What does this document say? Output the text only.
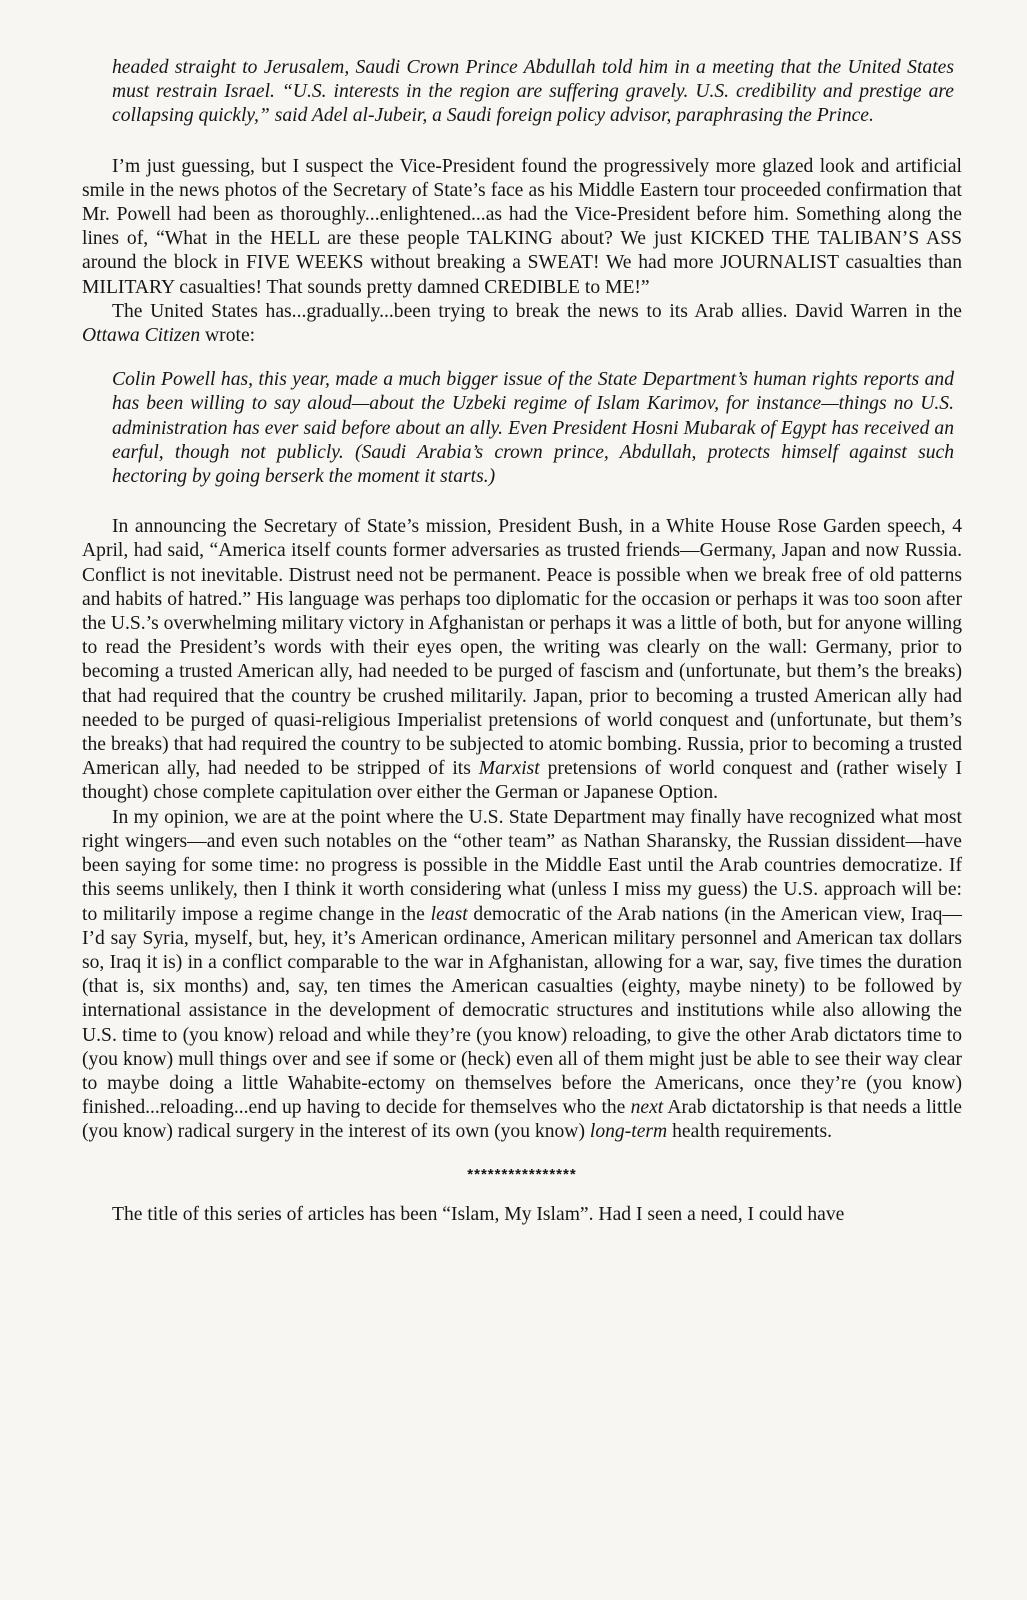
headed straight to Jerusalem, Saudi Crown Prince Abdullah told him in a meeting that the United States must restrain Israel. “U.S. interests in the region are suffering gravely. U.S. credibility and prestige are collapsing quickly,” said Adel al-Jubeir, a Saudi foreign policy advisor, paraphrasing the Prince.

I’m just guessing, but I suspect the Vice-President found the progressively more glazed look and artificial smile in the news photos of the Secretary of State’s face as his Middle Eastern tour proceeded confirmation that Mr. Powell had been as thoroughly...enlightened...as had the Vice-President before him. Something along the lines of, “What in the HELL are these people TALKING about? We just KICKED THE TALIBAN’S ASS around the block in FIVE WEEKS without breaking a SWEAT! We had more JOURNALIST casualties than MILITARY casualties! That sounds pretty damned CREDIBLE to ME!”

The United States has...gradually...been trying to break the news to its Arab allies. David Warren in the Ottawa Citizen wrote:

Colin Powell has, this year, made a much bigger issue of the State Department’s human rights reports and has been willing to say aloud—about the Uzbeki regime of Islam Karimov, for instance—things no U.S. administration has ever said before about an ally. Even President Hosni Mubarak of Egypt has received an earful, though not publicly. (Saudi Arabia’s crown prince, Abdullah, protects himself against such hectoring by going berserk the moment it starts.)

In announcing the Secretary of State’s mission, President Bush, in a White House Rose Garden speech, 4 April, had said, “America itself counts former adversaries as trusted friends—Germany, Japan and now Russia. Conflict is not inevitable. Distrust need not be permanent. Peace is possible when we break free of old patterns and habits of hatred.” His language was perhaps too diplomatic for the occasion or perhaps it was too soon after the U.S.’s overwhelming military victory in Afghanistan or perhaps it was a little of both, but for anyone willing to read the President’s words with their eyes open, the writing was clearly on the wall: Germany, prior to becoming a trusted American ally, had needed to be purged of fascism and (unfortunate, but them’s the breaks) that had required that the country be crushed militarily. Japan, prior to becoming a trusted American ally had needed to be purged of quasi-religious Imperialist pretensions of world conquest and (unfortunate, but them’s the breaks) that had required the country to be subjected to atomic bombing. Russia, prior to becoming a trusted American ally, had needed to be stripped of its Marxist pretensions of world conquest and (rather wisely I thought) chose complete capitulation over either the German or Japanese Option.

In my opinion, we are at the point where the U.S. State Department may finally have recognized what most right wingers—and even such notables on the “other team” as Nathan Sharansky, the Russian dissident—have been saying for some time: no progress is possible in the Middle East until the Arab countries democratize. If this seems unlikely, then I think it worth considering what (unless I miss my guess) the U.S. approach will be: to militarily impose a regime change in the least democratic of the Arab nations (in the American view, Iraq—I’d say Syria, myself, but, hey, it’s American ordinance, American military personnel and American tax dollars so, Iraq it is) in a conflict comparable to the war in Afghanistan, allowing for a war, say, five times the duration (that is, six months) and, say, ten times the American casualties (eighty, maybe ninety) to be followed by international assistance in the development of democratic structures and institutions while also allowing the U.S. time to (you know) reload and while they’re (you know) reloading, to give the other Arab dictators time to (you know) mull things over and see if some or (heck) even all of them might just be able to see their way clear to maybe doing a little Wahabite-ectomy on themselves before the Americans, once they’re (you know) finished...reloading...end up having to decide for themselves who the next Arab dictatorship is that needs a little (you know) radical surgery in the interest of its own (you know) long-term health requirements.

****************

The title of this series of articles has been “Islam, My Islam”. Had I seen a need, I could have
